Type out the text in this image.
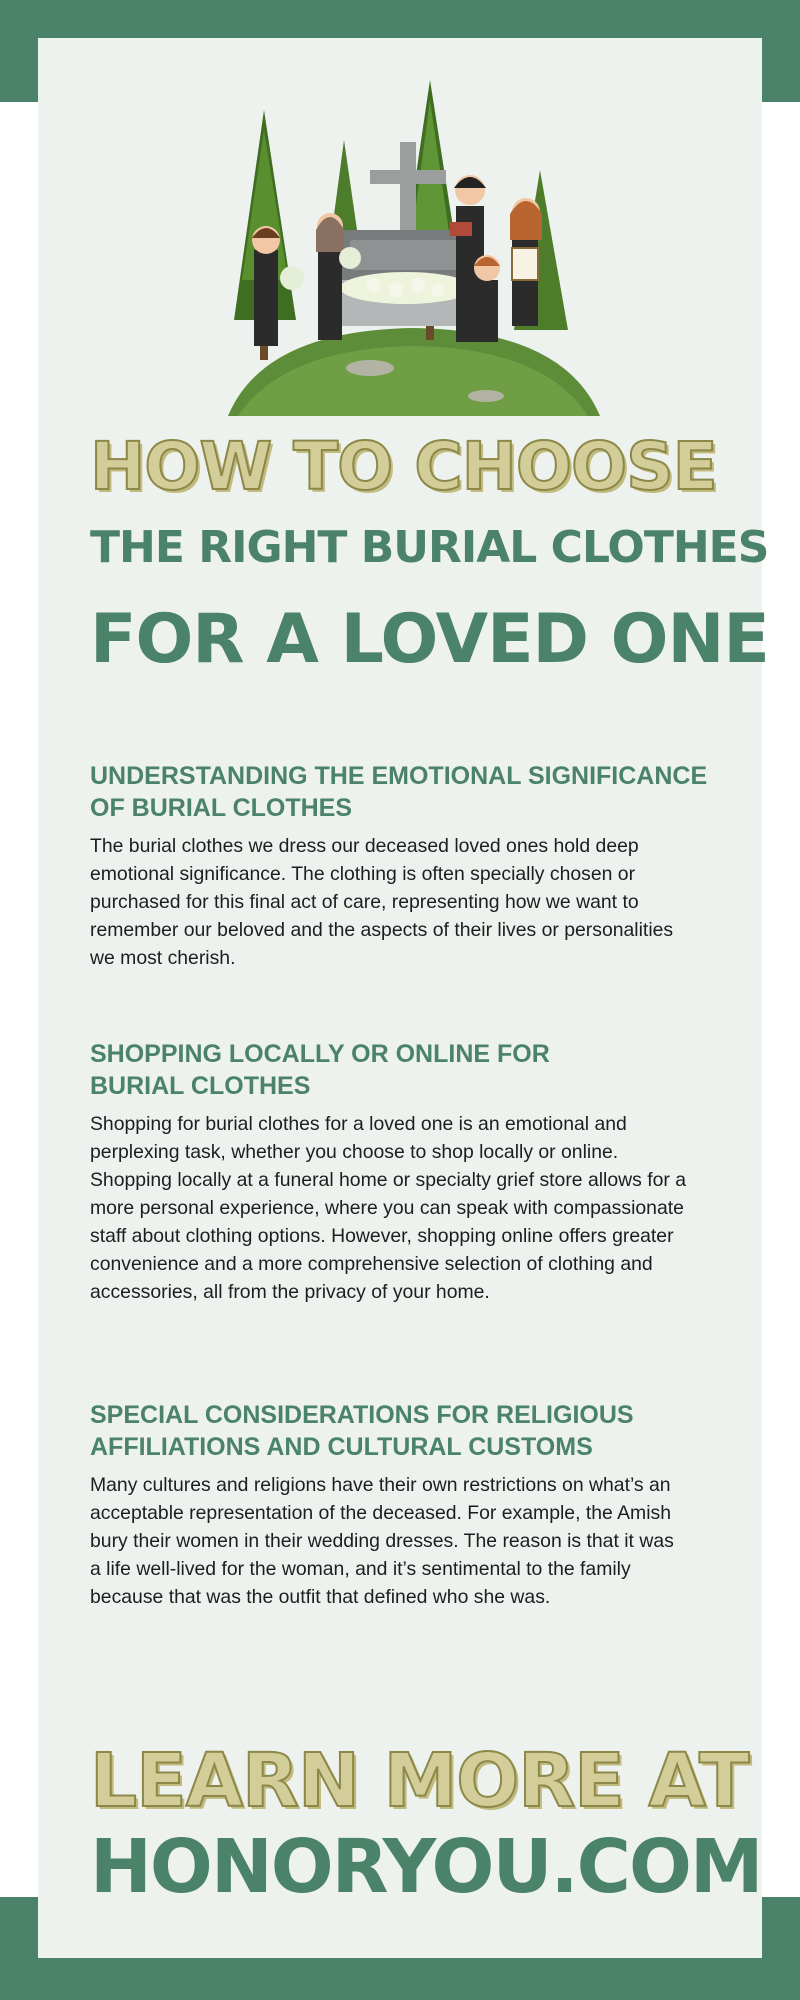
HOW TO CHOOSE
THE RIGHT BURIAL CLOTHES
FOR A LOVED ONE
UNDERSTANDING THE EMOTIONAL SIGNIFICANCE OF BURIAL CLOTHES

The burial clothes we dress our deceased loved ones hold deep emotional significance. The clothing is often specially chosen or purchased for this final act of care, representing how we want to remember our beloved and the aspects of their lives or personalities we most cherish.

SHOPPING LOCALLY OR ONLINE FOR BURIAL CLOTHES

Shopping for burial clothes for a loved one is an emotional and perplexing task, whether you choose to shop locally or online. Shopping locally at a funeral home or specialty grief store allows for a more personal experience, where you can speak with compassionate staff about clothing options. However, shopping online offers greater convenience and a more comprehensive selection of clothing and accessories, all from the privacy of your home.

SPECIAL CONSIDERATIONS FOR RELIGIOUS AFFILIATIONS AND CULTURAL CUSTOMS

Many cultures and religions have their own restrictions on what’s an acceptable representation of the deceased. For example, the Amish bury their women in their wedding dresses. The reason is that it was a life well-lived for the woman, and it’s sentimental to the family because that was the outfit that defined who she was.

LEARN MORE AT
HONORYOU.COM
